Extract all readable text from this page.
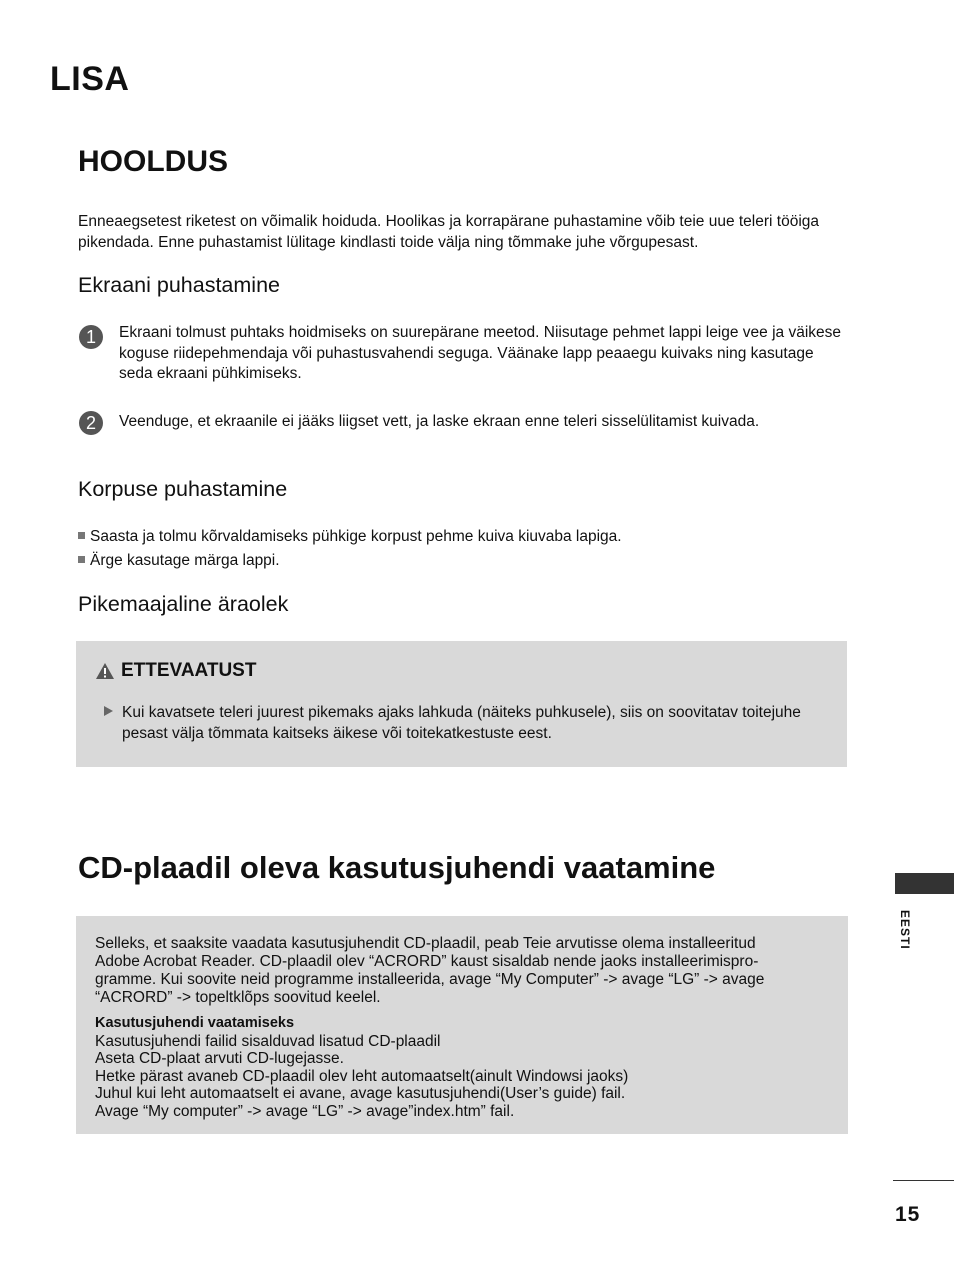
LISA
HOOLDUS
Enneaegsetest riketest on võimalik hoiduda. Hoolikas ja korrapärane puhastamine võib teie uue teleri tööiga pikendada. Enne puhastamist lülitage kindlasti toide välja ning tõmmake juhe võrgupesast.
Ekraani puhastamine
1	Ekraani tolmust puhtaks hoidmiseks on suurepärane meetod. Niisutage pehmet lappi leige vee ja väikese koguse riidepehmendaja või puhastusvahendi seguga. Väänake lapp peaaegu kuivaks ning kasutage seda ekraani pühkimiseks.
2	Veenduge, et ekraanile ei jääks liigset vett, ja laske ekraan enne teleri sisselülitamist kuivada.
Korpuse puhastamine
Saasta ja tolmu kõrvaldamiseks pühkige korpust pehme kuiva kiuvaba lapiga.
Ärge kasutage märga lappi.
Pikemaajaline äraolek
ETTEVAATUST
Kui kavatsete teleri juurest pikemaks ajaks lahkuda (näiteks puhkusele), siis on soovitatav toitejuhe pesast välja tõmmata kaitseks äikese või toitekatkestuste eest.
CD-plaadil oleva kasutusjuhendi vaatamine
Selleks, et saaksite vaadata kasutusjuhendit CD-plaadil, peab Teie arvutisse olema installeeritud
Adobe Acrobat Reader. CD-plaadil olev “ACRORD” kaust sisaldab nende jaoks installeerimispro-
gramme. Kui soovite neid programme installeerida, avage “My Computer” -> avage “LG” -> avage
“ACRORD” -> topeltklõps soovitud keelel.
Kasutusjuhendi vaatamiseks
Kasutusjuhendi failid sisalduvad lisatud CD-plaadil
Aseta CD-plaat arvuti CD-lugejasse.
Hetke pärast avaneb CD-plaadil olev leht automaatselt(ainult Windowsi jaoks)
Juhul kui leht automaatselt ei avane, avage kasutusjuhendi(User’s guide) fail.
Avage “My computer” -> avage “LG” -> avage”index.htm” fail.
EESTI
15
